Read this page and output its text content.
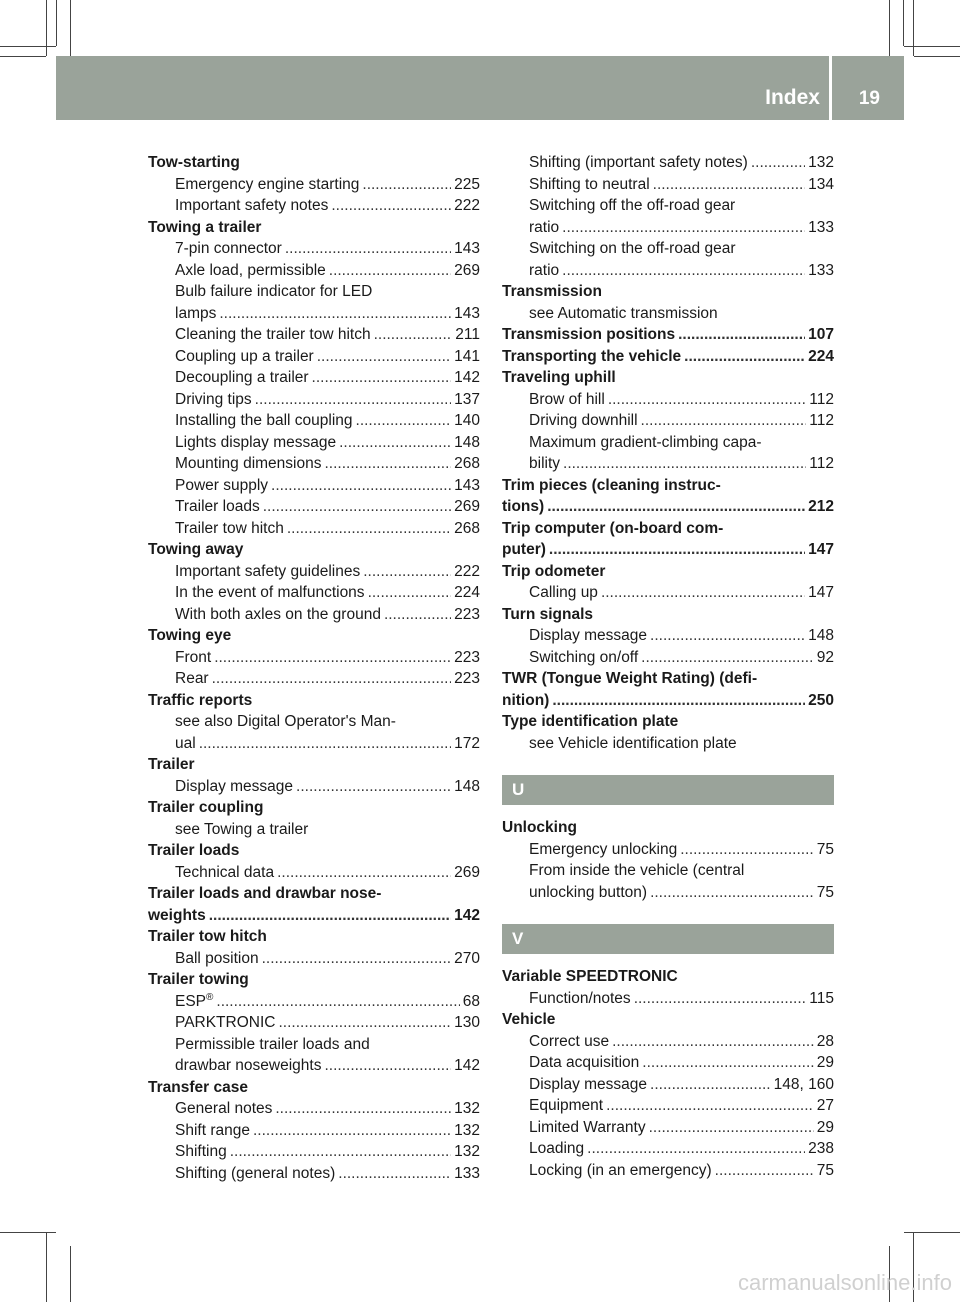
Index 19
Tow-starting
Emergency engine starting .....	225
Important safety notes .....	222
Towing a trailer
7-pin connector .....	143
Axle load, permissible .....	269
Bulb failure indicator for LED
lamps .....	143
Cleaning the trailer tow hitch .....	211
Coupling up a trailer .....	141
Decoupling a trailer .....	142
Driving tips .....	137
Installing the ball coupling .....	140
Lights display message .....	148
Mounting dimensions .....	268
Power supply .....	143
Trailer loads .....	269
Trailer tow hitch .....	268
Towing away
Important safety guidelines .....	222
In the event of malfunctions .....	224
With both axles on the ground .....	223
Towing eye
Front .....	223
Rear .....	223
Traffic reports
see also Digital Operator's Man-
ual .....	172
Trailer
Display message .....	148
Trailer coupling
see Towing a trailer
Trailer loads
Technical data .....	269
Trailer loads and drawbar nose-
weights .....	142
Trailer tow hitch
Ball position .....	270
Trailer towing
ESP® .....	68
PARKTRONIC .....	130
Permissible trailer loads and
drawbar noseweights .....	142
Transfer case
General notes .....	132
Shift range .....	132
Shifting .....	132
Shifting (general notes) .....	133
Shifting (important safety notes) .....	132
Shifting to neutral .....	134
Switching off the off-road gear
ratio .....	133
Switching on the off-road gear
ratio .....	133
Transmission
see Automatic transmission
Transmission positions .....	107
Transporting the vehicle .....	224
Traveling uphill
Brow of hill .....	112
Driving downhill .....	112
Maximum gradient-climbing capa-
bility .....	112
Trim pieces (cleaning instruc-
tions) .....	212
Trip computer (on-board com-
puter) .....	147
Trip odometer
Calling up .....	147
Turn signals
Display message .....	148
Switching on/off .....	92
TWR (Tongue Weight Rating) (defi-
nition) .....	250
Type identification plate
see Vehicle identification plate
U
Unlocking
Emergency unlocking .....	75
From inside the vehicle (central
unlocking button) .....	75
V
Variable SPEEDTRONIC
Function/notes .....	115
Vehicle
Correct use .....	28
Data acquisition .....	29
Display message .....	148, 160
Equipment .....	27
Limited Warranty .....	29
Loading .....	238
Locking (in an emergency) .....	75
carmanualsonline.info
